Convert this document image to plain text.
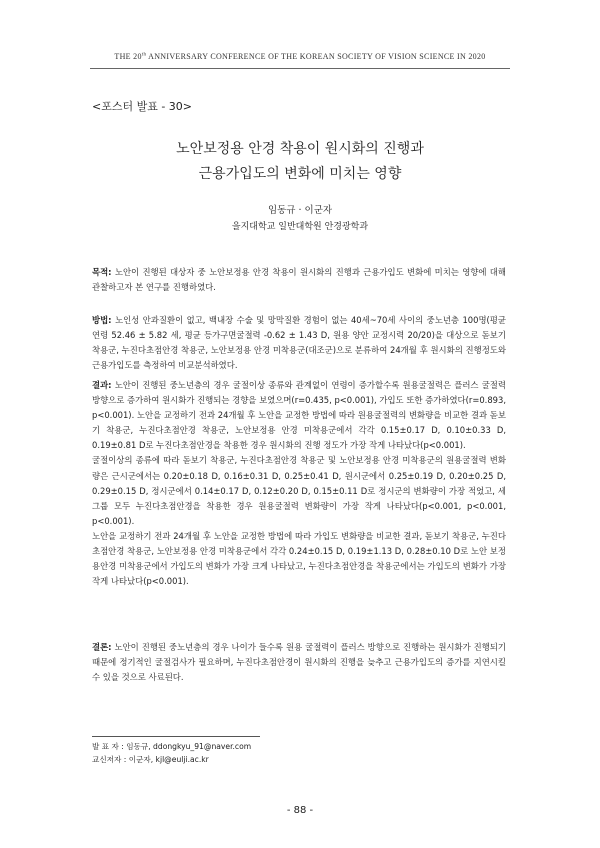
THE 20th ANNIVERSARY CONFERENCE OF THE KOREAN SOCIETY OF VISION SCIENCE IN 2020
<포스터 발표 - 30>
노안보정용 안경 착용이 원시화의 진행과
근용가입도의 변화에 미치는 영향
임동규 · 이군자
을지대학교 일반대학원 안경광학과

목적: 노안이 진행된 대상자 중 노안보정용 안경 착용이 원시화의 진행과 근용가입도 변화에 미치는 영향에 대해 관찰하고자 본 연구를 진행하였다.

방법: 노인성 안과질환이 없고, 백내장 수술 및 망막질환 경험이 없는 40세~70세 사이의 중노년층 100명(평균 연령 52.46 ± 5.82 세, 평균 등가구면굴절력 -0.62 ± 1.43 D, 원용 양안 교정시력 20/20)을 대상으로 돋보기 착용군, 누진다초점안경 착용군, 노안보정용 안경 미착용군(대조군)으로 분류하여 24개월 후 원시화의 진행정도와 근용가입도를 측정하여 비교분석하였다.

결과: 노안이 진행된 중노년층의 경우 굴절이상 종류와 관계없이 연령이 증가할수록 원용굴절력은 플러스 굴절력 방향으로 증가하여 원시화가 진행되는 경향을 보였으며(r=0.435, p<0.001), 가입도 또한 증가하였다(r=0.893, p<0.001). 노안을 교정하기 전과 24개월 후 노안을 교정한 방법에 따라 원용굴절력의 변화량을 비교한 결과 돋보기 착용군, 누진다초점안경 착용군, 노안보정용 안경 미착용군에서 각각 0.15±0.17 D, 0.10±0.33 D, 0.19±0.81 D로 누진다초점안경을 착용한 경우 원시화의 진행 정도가 가장 작게 나타났다(p<0.001).

굴절이상의 종류에 따라 돋보기 착용군, 누진다초점안경 착용군 및 노안보정용 안경 미착용군의 원용굴절력 변화량은 근시군에서는 0.20±0.18 D, 0.16±0.31 D, 0.25±0.41 D, 원시군에서 0.25±0.19 D, 0.20±0.25 D, 0.29±0.15 D, 정시군에서 0.14±0.17 D, 0.12±0.20 D, 0.15±0.11 D로 정시군의 변화량이 가장 적었고, 세 그룹 모두 누진다초점안경을 착용한 경우 원용굴절력 변화량이 가장 작게 나타났다(p<0.001, p<0.001, p<0.001).

노안을 교정하기 전과 24개월 후 노안을 교정한 방법에 따라 가입도 변화량을 비교한 결과, 돋보기 착용군, 누진다초점안경 착용군, 노안보정용 안경 미착용군에서 각각 0.24±0.15 D, 0.19±1.13 D, 0.28±0.10 D로 노안 보정용안경 미착용군에서 가입도의 변화가 가장 크게 나타났고, 누진다초점안경을 착용군에서는 가입도의 변화가 가장 작게 나타났다(p<0.001).

결론: 노안이 진행된 중노년층의 경우 나이가 들수록 원용 굴절력이 플러스 방향으로 진행하는 원시화가 진행되기 때문에 정기적인 굴절검사가 필요하며, 누진다초점안경이 원시화의 진행을 늦추고 근용가입도의 증가를 지연시킬 수 있을 것으로 사료된다.

발 표 자 : 임동규, ddongkyu_91@naver.com
교신저자 : 이군자, kjl@eulji.ac.kr
- 88 -
